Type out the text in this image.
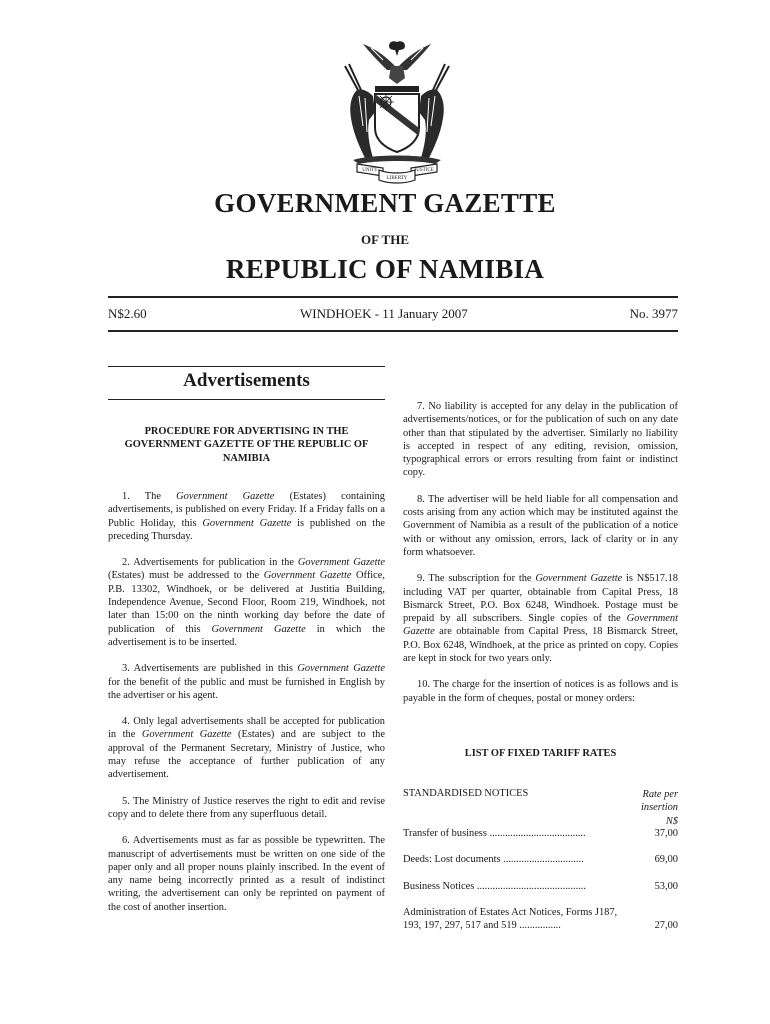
UNITY
LIBERTY
JUSTICE
GOVERNMENT GAZETTE
OF THE
REPUBLIC OF NAMIBIA
N$2.60	WINDHOEK - 11 January 2007	No. 3977
Advertisements
PROCEDURE FOR ADVERTISING IN THE GOVERNMENT GAZETTE OF THE REPUBLIC OF NAMIBIA

1. The Government Gazette (Estates) containing advertisements, is published on every Friday. If a Friday falls on a Public Holiday, this Government Gazette is published on the preceding Thursday.

2. Advertisements for publication in the Government Gazette (Estates) must be addressed to the Government Gazette Office, P.B. 13302, Windhoek, or be delivered at Justitia Building, Independence Avenue, Second Floor, Room 219, Windhoek, not later than 15:00 on the ninth working day before the date of publication of this Government Gazette in which the advertisement is to be inserted.

3. Advertisements are published in this Government Gazette for the benefit of the public and must be furnished in English by the advertiser or his agent.

4. Only legal advertisements shall be accepted for publication in the Government Gazette (Estates) and are subject to the approval of the Permanent Secretary, Ministry of Justice, who may refuse the acceptance of further publication of any advertisement.

5. The Ministry of Justice reserves the right to edit and revise copy and to delete there from any superfluous detail.

6. Advertisements must as far as possible be typewritten. The manuscript of advertisements must be written on one side of the paper only and all proper nouns plainly inscribed. In the event of any name being incorrectly printed as a result of indistinct writing, the advertisement can only be reprinted on payment of the cost of another insertion.

7. No liability is accepted for any delay in the publication of advertisements/notices, or for the publication of such on any date other than that stipulated by the advertiser. Similarly no liability is accepted in respect of any editing, revision, omission, typographical errors or errors resulting from faint or indistinct copy.

8. The advertiser will be held liable for all compensation and costs arising from any action which may be instituted against the Government of Namibia as a result of the publication of a notice with or without any omission, errors, lack of clarity or in any form whatsoever.

9. The subscription for the Government Gazette is N$517.18 including VAT per quarter, obtainable from Capital Press, 18 Bismarck Street, P.O. Box 6248, Windhoek. Postage must be prepaid by all subscribers. Single copies of the Government Gazette are obtainable from Capital Press, 18 Bismarck Street, P.O. Box 6248, Windhoek, at the price as printed on copy. Copies are kept in stock for two years only.

10. The charge for the insertion of notices is as follows and is payable in the form of cheques, postal or money orders:

LIST OF FIXED TARIFF RATES
STANDARDISED NOTICES	Rate per
insertion
N$
Transfer of business .....................................	37,00
Deeds: Lost documents ...............................	69,00
Business Notices ..........................................	53,00
Administration of Estates Act Notices, Forms J187, 193, 197, 297, 517 and 519 ................	27,00
